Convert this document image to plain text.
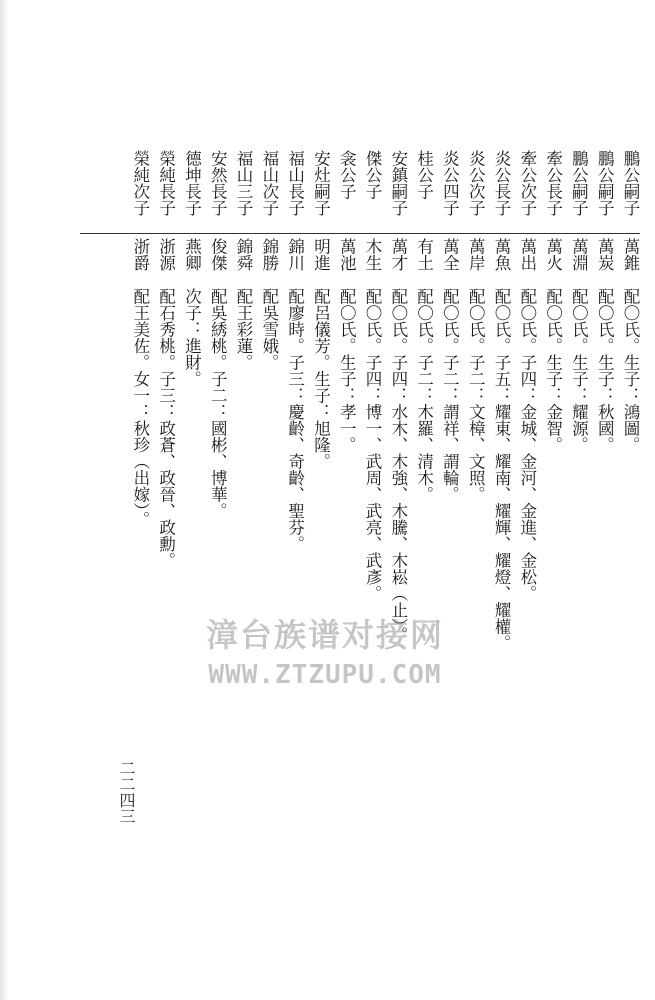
鵬公嗣子
鵬公嗣子
鵬公嗣子
牽公長子
牽公次子
炎公長子
炎公次子
炎公四子
桂公子
安鎮嗣子
傑公子
衾公子
安灶嗣子
福山長子
福山次子
福山三子
安然長子
德坤長子
榮純長子
榮純次子
萬錐
萬炭
萬淵
萬火
萬出
萬魚
萬岸
萬全
有土
萬才
木生
萬池
明進
錦川
錦勝
錦舜
俊傑
燕卿
浙源
浙爵
配〇氏。生子：鴻圖。
配〇氏。生子：秋國。
配〇氏。生子：耀源。
配〇氏。生子：金智。
配〇氏。子四：金城、金河、金進、金松。
配〇氏。子五：耀東、耀南、耀輝、耀燈、耀權。
配〇氏。子二：文樟、文照。
配〇氏。子二：謂祥、謂輪。
配〇氏。子二：木羅、清木。
配〇氏。子四：水木、木強、木騰、木崧（止）。
配〇氏。子四：博一、武周、武亮、武彥。
配〇氏。生子：孝一。
配呂儀芳。生子：旭隆。
配廖時。子三：慶齡、奇齡、聖芬。
配吳雪娥。
配王彩蓮。
配吳綉桃。子二：國彬、博華。
次子：進財。
配石秀桃。子三：政蒼、政晉、政勳。
配王美佐。女一：秋珍（出嫁）。
二二四三
漳台族谱对接网
WWW.ZTZUPU.COM
